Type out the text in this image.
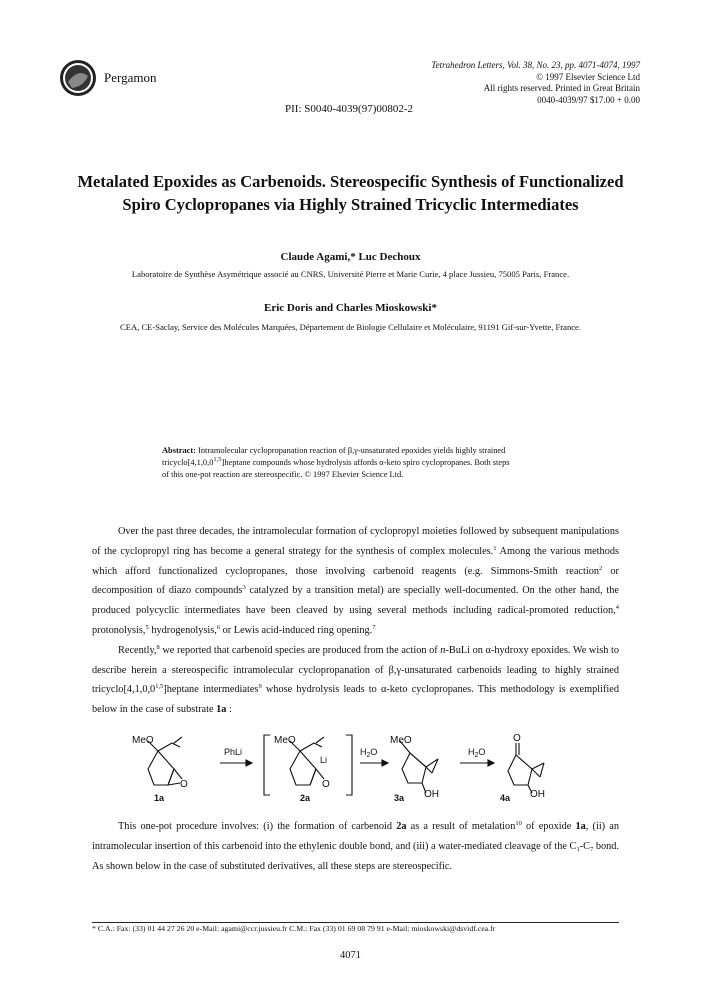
Pergamon
Tetrahedron Letters, Vol. 38, No. 23, pp. 4071-4074, 1997
© 1997 Elsevier Science Ltd
All rights reserved. Printed in Great Britain
0040-4039/97 $17.00 + 0.00
PII: S0040-4039(97)00802-2
Metalated Epoxides as Carbenoids. Stereospecific Synthesis of Functionalized
Spiro Cyclopropanes via Highly Strained Tricyclic Intermediates
Claude Agami,* Luc Dechoux
Laboratoire de Synthèse Asymétrique associé au CNRS, Université Pierre et Marie Curie, 4 place Jussieu, 75005 Paris, France.
Eric Doris and Charles Mioskowski*
CEA, CE-Saclay, Service des Molécules Marquées, Département de Biologie Cellulaire et Moléculaire, 91191 Gif-sur-Yvette, France.
Abstract: Intramolecular cyclopropanation reaction of β,γ-unsaturated epoxides yields highly strained
tricyclo[4,1,0,0$^{1,5}$]heptane compounds whose hydrolysis affords α-keto spiro cyclopropanes. Both steps
of this one-pot reaction are stereospecific. © 1997 Elsevier Science Ltd.

Over the past three decades, the intramolecular formation of cyclopropyl moieties followed by subsequent manipulations of the cyclopropyl ring has become a general strategy for the synthesis of complex molecules.$^1$ Among the various methods which afford functionalized cyclopropanes, those involving carbenoid reagents (e.g. Simmons-Smith reaction$^2$ or decomposition of diazo compounds$^3$ catalyzed by a transition metal) are specially well-documented. On the other hand, the produced polycyclic intermediates have been cleaved by using several methods including radical-promoted reduction,$^4$ protonolysis,$^5$ hydrogenolysis,$^6$ or Lewis acid-induced ring opening.$^7$

Recently,$^8$ we reported that carbenoid species are produced from the action of n-BuLi on α-hydroxy epoxides. We wish to describe herein a stereospecific intramolecular cyclopropanation of β,γ-unsaturated carbenoids leading to highly strained tricyclo[4,1,0,0$^{1,5}$]heptane intermediates$^9$ whose hydrolysis leads to α-keto cyclopropanes. This methodology is exemplified below in the case of substrate 1a :

MeO
O
1a
PhLi
MeO
Li
O
2a
$H_2O$
MeO
OH
3a
$H_2O$
O
OH
4a

This one-pot procedure involves: (i) the formation of carbenoid 2a as a result of metalation$^{10}$ of epoxide 1a, (ii) an intramolecular insertion of this carbenoid into the ethylenic double bond, and (iii) a water-mediated cleavage of the $C_1-C_7$ bond. As shown below in the case of substituted derivatives, all these steps are stereospecific.

* C.A.: Fax: (33) 01 44 27 26 20 e-Mail: agami@ccr.jussieu.fr C.M.: Fax (33) 01 69 08 79 91 e-Mail: mioskowski@dsvidf.cea.fr
4071
